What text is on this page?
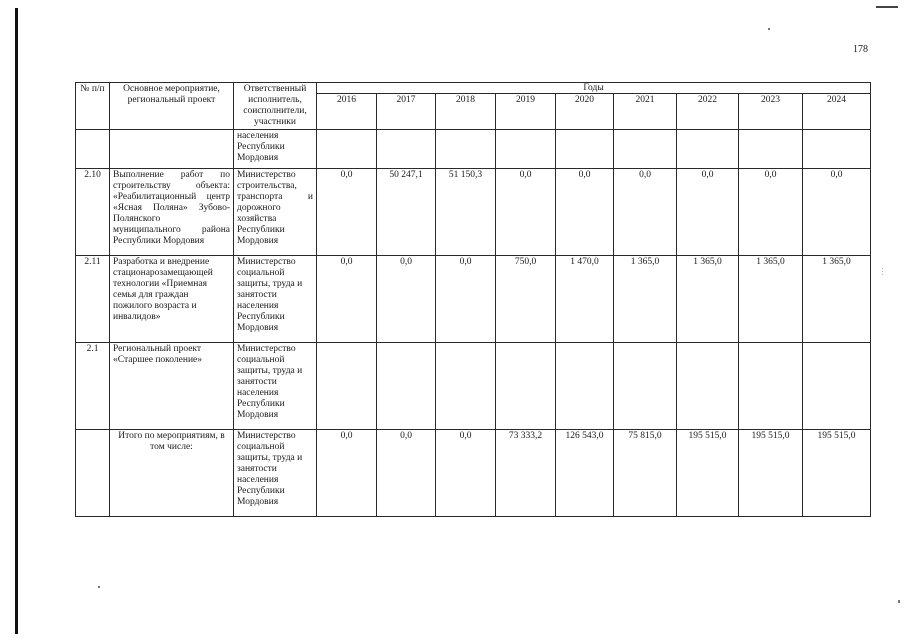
178
№ п/п	Основное мероприятие, региональный проект	Ответственный исполнитель, соисполнители, участники	Годы								
			2016	2017	2018	2019	2020	2021	2022	2023	2024
		населения Республики Мордовия									
2.10	Выполнение работ по строительству объекта: «Реабилитационный центр «Ясная Поляна» Зубово-Полянского муниципального района Республики Мордовия	Министерство строительства, транспорта и дорожного хозяйства Республики Мордовия	0,0	50 247,1	51 150,3	0,0	0,0	0,0	0,0	0,0	0,0
2.11	Разработка и внедрение стационарозамещающей технологии «Приемная семья для граждан пожилого возраста и инвалидов»	Министерство социальной защиты, труда и занятости населения Республики Мордовия	0,0	0,0	0,0	750,0	1 470,0	1 365,0	1 365,0	1 365,0	1 365,0
2.1	Региональный проект «Старшее поколение»	Министерство социальной защиты, труда и занятости населения Республики Мордовия									
	Итого по мероприятиям, в том числе:	Министерство социальной защиты, труда и занятости населения Республики Мордовия	0,0	0,0	0,0	73 333,2	126 543,0	75 815,0	195 515,0	195 515,0	195 515,0
...
